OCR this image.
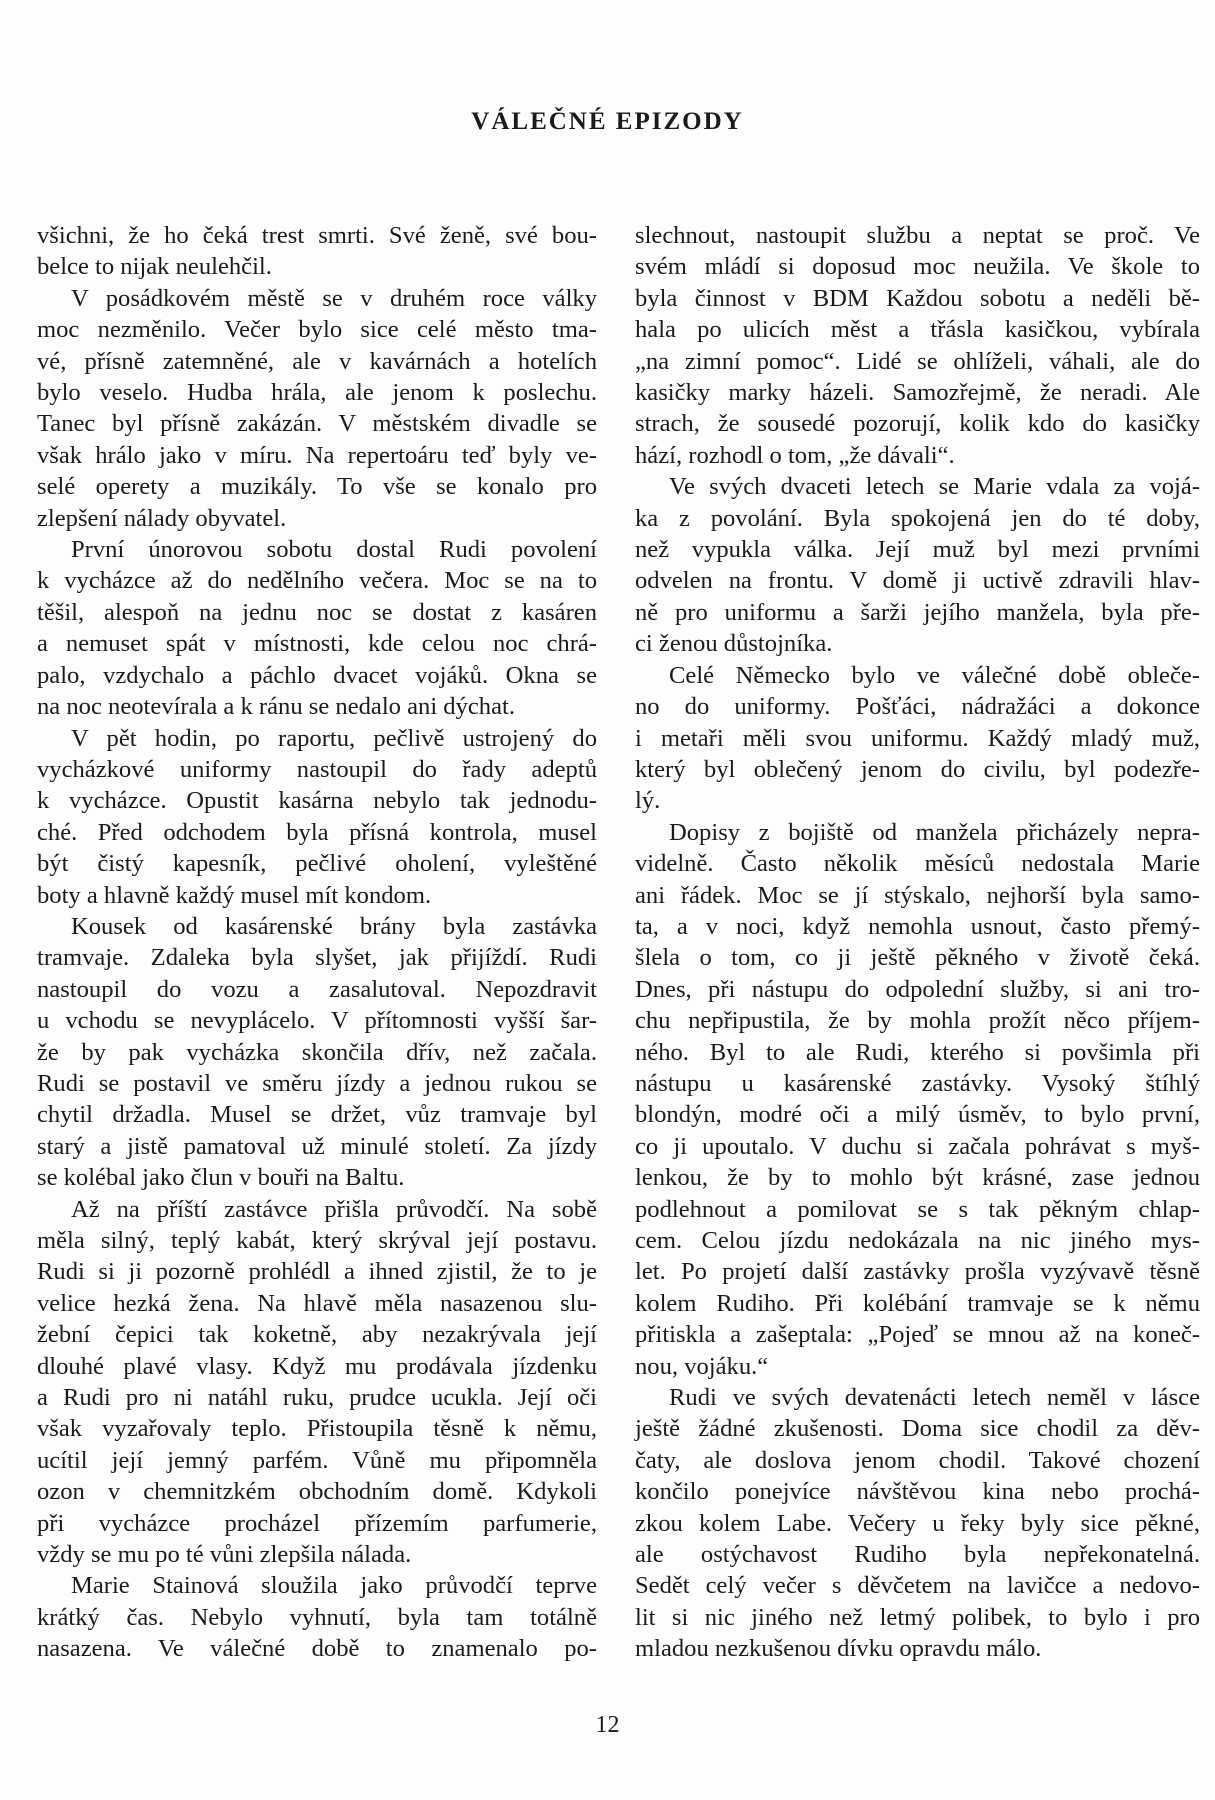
VÁLEČNÉ EPIZODY
všichni, že ho čeká trest smrti. Své ženě, své bou-
belce to nijak neulehčil.
V posádkovém městě se v druhém roce války
moc nezměnilo. Večer bylo sice celé město tma-
vé, přísně zatemněné, ale v kavárnách a hotelích
bylo veselo. Hudba hrála, ale jenom k poslechu.
Tanec byl přísně zakázán. V městském divadle se
však hrálo jako v míru. Na repertoáru teď byly ve-
selé operety a muzikály. To vše se konalo pro
zlepšení nálady obyvatel.
První únorovou sobotu dostal Rudi povolení
k vycházce až do nedělního večera. Moc se na to
těšil, alespoň na jednu noc se dostat z kasáren
a nemuset spát v místnosti, kde celou noc chrá-
palo, vzdychalo a páchlo dvacet vojáků. Okna se
na noc neotevírala a k ránu se nedalo ani dýchat.
V pět hodin, po raportu, pečlivě ustrojený do
vycházkové uniformy nastoupil do řady adeptů
k vycházce. Opustit kasárna nebylo tak jednodu-
ché. Před odchodem byla přísná kontrola, musel
být čistý kapesník, pečlivé oholení, vyleštěné
boty a hlavně každý musel mít kondom.
Kousek od kasárenské brány byla zastávka
tramvaje. Zdaleka byla slyšet, jak přijíždí. Rudi
nastoupil do vozu a zasalutoval. Nepozdravit
u vchodu se nevyplácelo. V přítomnosti vyšší šar-
že by pak vycházka skončila dřív, než začala.
Rudi se postavil ve směru jízdy a jednou rukou se
chytil držadla. Musel se držet, vůz tramvaje byl
starý a jistě pamatoval už minulé století. Za jízdy
se kolébal jako člun v bouři na Baltu.
Až na příští zastávce přišla průvodčí. Na sobě
měla silný, teplý kabát, který skrýval její postavu.
Rudi si ji pozorně prohlédl a ihned zjistil, že to je
velice hezká žena. Na hlavě měla nasazenou slu-
žební čepici tak koketně, aby nezakrývala její
dlouhé plavé vlasy. Když mu prodávala jízdenku
a Rudi pro ni natáhl ruku, prudce ucukla. Její oči
však vyzařovaly teplo. Přistoupila těsně k němu,
ucítil její jemný parfém. Vůně mu připomněla
ozon v chemnitzkém obchodním domě. Kdykoli
při vycházce procházel přízemím parfumerie,
vždy se mu po té vůni zlepšila nálada.
Marie Stainová sloužila jako průvodčí teprve
krátký čas. Nebylo vyhnutí, byla tam totálně
nasazena. Ve válečné době to znamenalo po-
slechnout, nastoupit službu a neptat se proč. Ve
svém mládí si doposud moc neužila. Ve škole to
byla činnost v BDM Každou sobotu a neděli bě-
hala po ulicích měst a třásla kasičkou, vybírala
„na zimní pomoc“. Lidé se ohlíželi, váhali, ale do
kasičky marky házeli. Samozřejmě, že neradi. Ale
strach, že sousedé pozorují, kolik kdo do kasičky
hází, rozhodl o tom, „že dávali“.
Ve svých dvaceti letech se Marie vdala za vojá-
ka z povolání. Byla spokojená jen do té doby,
než vypukla válka. Její muž byl mezi prvními
odvelen na frontu. V domě ji uctivě zdravili hlav-
ně pro uniformu a šarži jejího manžela, byla pře-
ci ženou důstojníka.
Celé Německo bylo ve válečné době obleče-
no do uniformy. Pošťáci, nádražáci a dokonce
i metaři měli svou uniformu. Každý mladý muž,
který byl oblečený jenom do civilu, byl podezře-
lý.
Dopisy z bojiště od manžela přicházely nepra-
videlně. Často několik měsíců nedostala Marie
ani řádek. Moc se jí stýskalo, nejhorší byla samo-
ta, a v noci, když nemohla usnout, často přemý-
šlela o tom, co ji ještě pěkného v životě čeká.
Dnes, při nástupu do odpolední služby, si ani tro-
chu nepřipustila, že by mohla prožít něco příjem-
ného. Byl to ale Rudi, kterého si povšimla při
nástupu u kasárenské zastávky. Vysoký štíhlý
blondýn, modré oči a milý úsměv, to bylo první,
co ji upoutalo. V duchu si začala pohrávat s myš-
lenkou, že by to mohlo být krásné, zase jednou
podlehnout a pomilovat se s tak pěkným chlap-
cem. Celou jízdu nedokázala na nic jiného mys-
let. Po projetí další zastávky prošla vyzývavě těsně
kolem Rudiho. Při kolébání tramvaje se k němu
přitiskla a zašeptala: „Pojeď se mnou až na koneč-
nou, vojáku.“
Rudi ve svých devatenácti letech neměl v lásce
ještě žádné zkušenosti. Doma sice chodil za děv-
čaty, ale doslova jenom chodil. Takové chození
končilo ponejvíce návštěvou kina nebo prochá-
zkou kolem Labe. Večery u řeky byly sice pěkné,
ale ostýchavost Rudiho byla nepřekonatelná.
Sedět celý večer s děvčetem na lavičce a nedovo-
lit si nic jiného než letmý polibek, to bylo i pro
mladou nezkušenou dívku opravdu málo.
12
